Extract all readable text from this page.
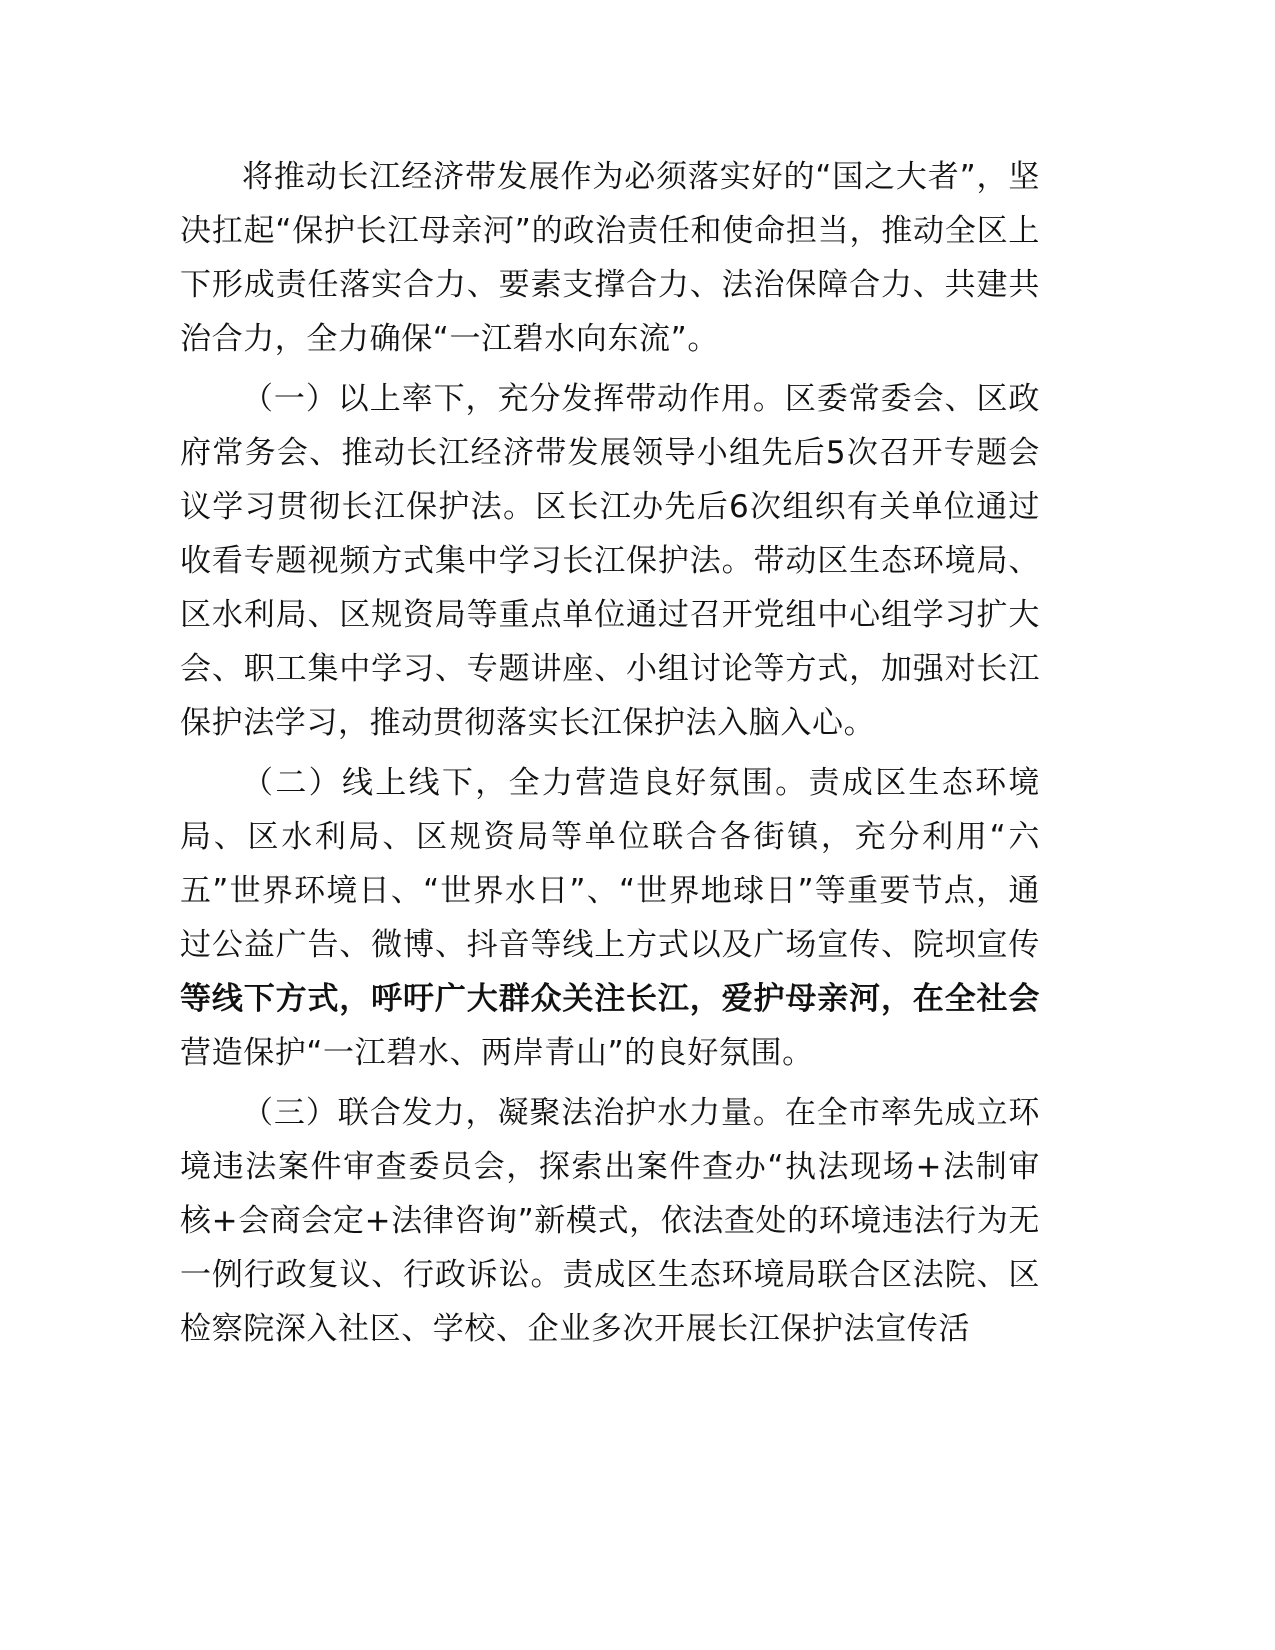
将推动长江经济带发展作为必须落实好的“国之大者”，坚决扛起“保护长江母亲河”的政治责任和使命担当，推动全区上下形成责任落实合力、要素支撑合力、法治保障合力、共建共治合力，全力确保“一江碧水向东流”。

（一）以上率下，充分发挥带动作用。区委常委会、区政府常务会、推动长江经济带发展领导小组先后5次召开专题会议学习贯彻长江保护法。区长江办先后6次组织有关单位通过收看专题视频方式集中学习长江保护法。带动区生态环境局、区水利局、区规资局等重点单位通过召开党组中心组学习扩大会、职工集中学习、专题讲座、小组讨论等方式，加强对长江保护法学习，推动贯彻落实长江保护法入脑入心。

（二）线上线下，全力营造良好氛围。责成区生态环境局、区水利局、区规资局等单位联合各街镇，充分利用“六五”世界环境日、“世界水日”、“世界地球日”等重要节点，通过公益广告、微博、抖音等线上方式以及广场宣传、院坝宣传等线下方式，呼吁广大群众关注长江，爱护母亲河，在全社会营造保护“一江碧水、两岸青山”的良好氛围。

（三）联合发力，凝聚法治护水力量。在全市率先成立环境违法案件审查委员会，探索出案件查办“执法现场+法制审核+会商会定+法律咨询”新模式，依法查处的环境违法行为无一例行政复议、行政诉讼。责成区生态环境局联合区法院、区检察院深入社区、学校、企业多次开展长江保护法宣传活
